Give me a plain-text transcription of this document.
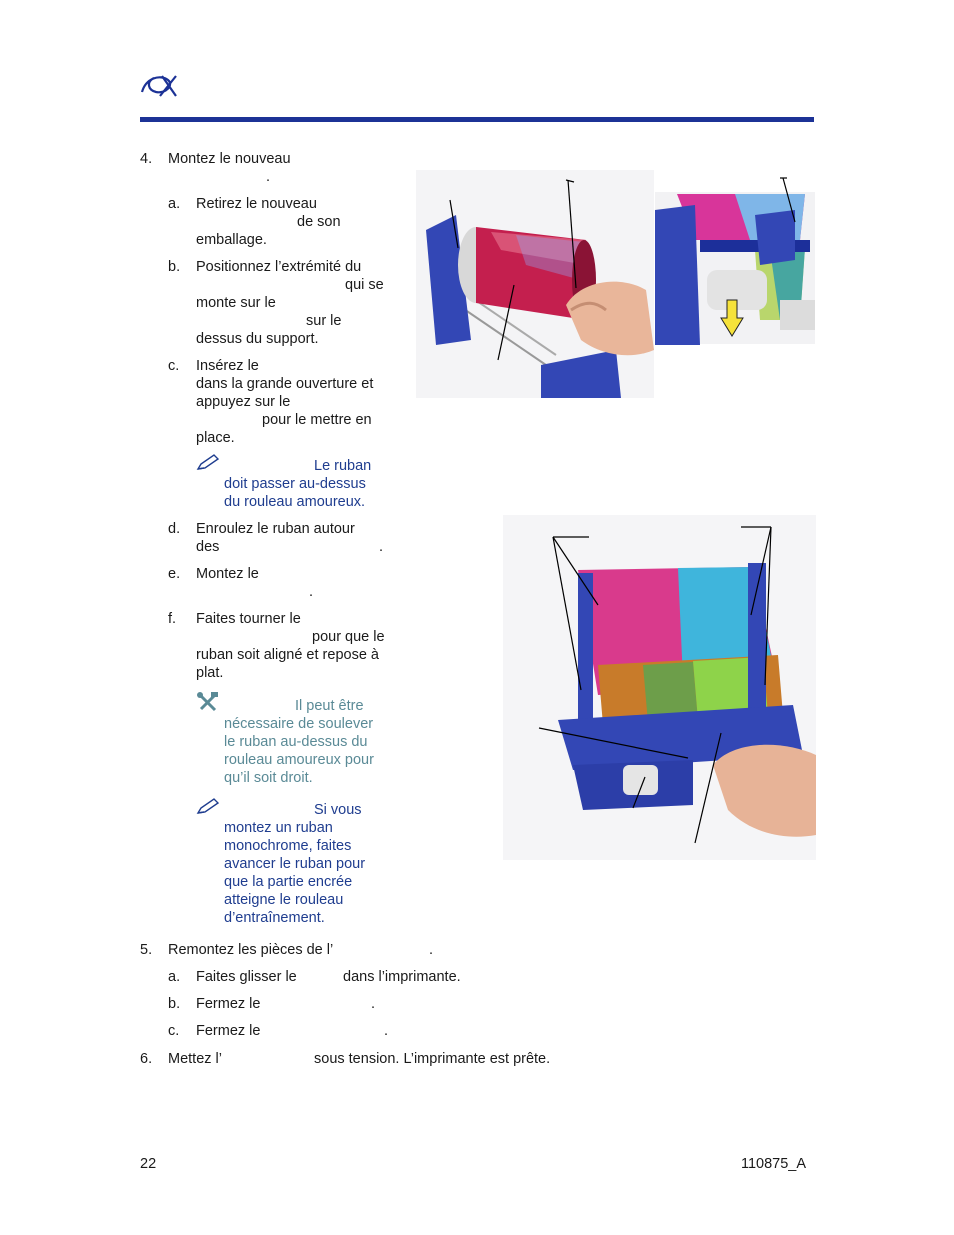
4. Montez le nouveau
.
a. Retirez le nouveau
de son
emballage.
b. Positionnez l’extrémité du
qui se
monte sur le
sur le
dessus du support.
c. Insérez le
dans la grande ouverture et
appuyez sur le
pour le mettre en
place.
Le ruban
doit passer au-dessus
du rouleau amoureux.
d. Enroulez le ruban autour
des	.
e. Montez le
.
f. Faites tourner le
pour que le
ruban soit aligné et repose à
plat.
Il peut être
nécessaire de soulever
le ruban au-dessus du
rouleau amoureux pour
qu’il soit droit.
Si vous
montez un ruban
monochrome, faites
avancer le ruban pour
que la partie encrée
atteigne le rouleau
d’entraînement.
5. Remontez les pièces de l’	.
a. Faites glisser le	dans l’imprimante.
b. Fermez le	.
c. Fermez le	.
6. Mettez l’	sous tension. L’imprimante est prête.
22	110875_A
